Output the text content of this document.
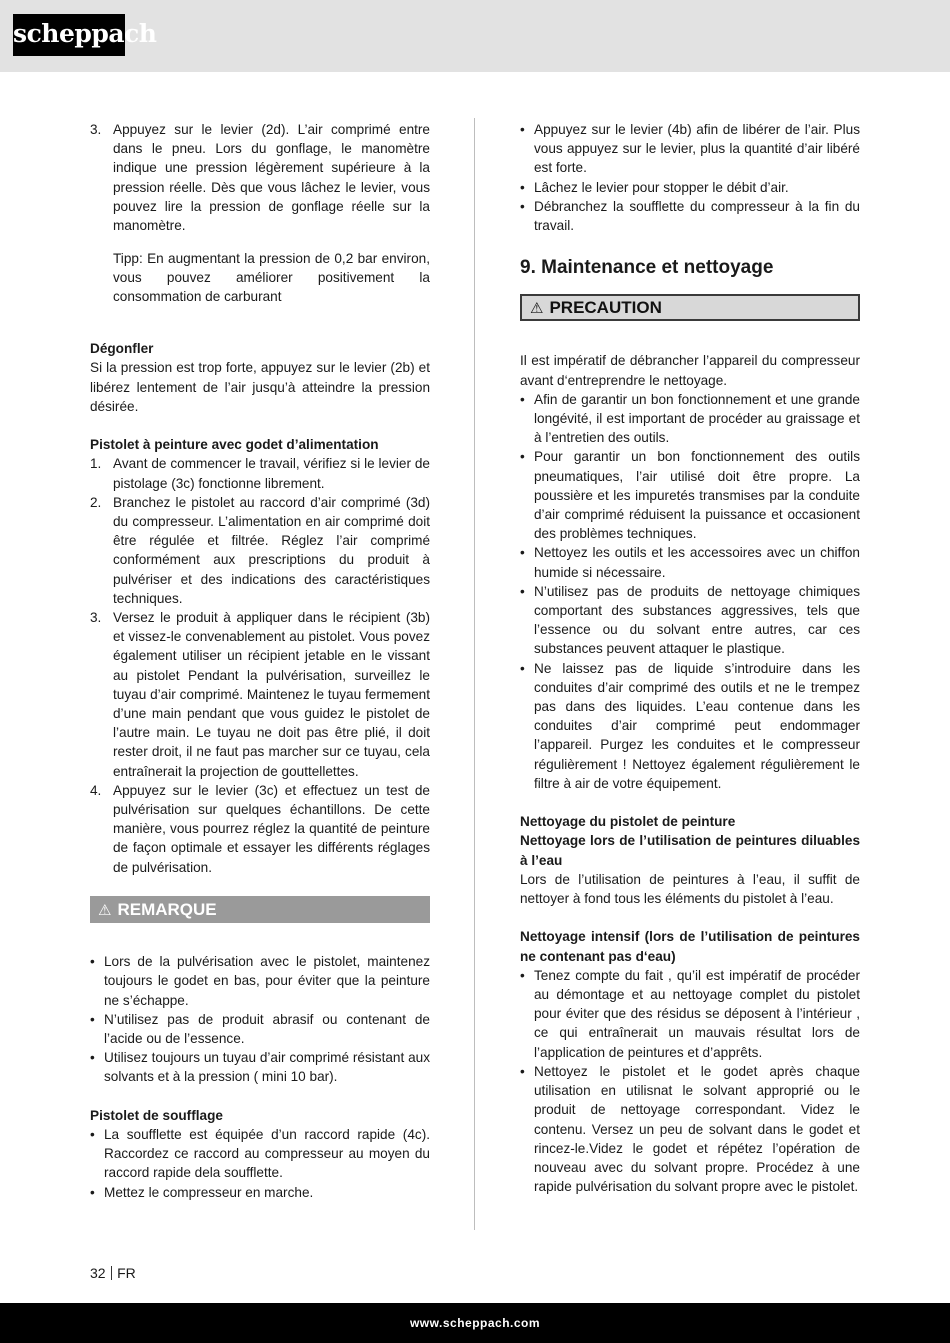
scheppach
3. Appuyez sur le levier (2d). L’air comprimé entre dans le pneu. Lors du gonflage, le manomètre indique une pression légèrement supérieure à la pression réelle. Dès que vous lâchez le levier, vous pouvez lire la pression de gonflage réelle sur la manomètre.

Tipp: En augmentant la pression de 0,2 bar environ, vous pouvez améliorer positivement la consommation de carburant

Dégonfler

Si la pression est trop forte, appuyez sur le levier (2b) et libérez lentement de l’air jusqu’à atteindre la pression désirée.

Pistolet à peinture avec godet d’alimentation

1. Avant de commencer le travail, vérifiez si le levier de pistolage (3c) fonctionne librement.
2. Branchez le pistolet au raccord d’air comprimé (3d) du compresseur. L’alimentation en air comprimé doit être régulée et filtrée. Réglez l’air comprimé conformément aux prescriptions du produit à pulvériser et des indications des caractéristiques techniques.
3. Versez le produit à appliquer dans le récipient (3b) et vissez-le convenablement au pistolet. Vous povez également utiliser un récipient jetable en le vissant au pistolet Pendant la pulvérisation, surveillez le tuyau d’air comprimé. Maintenez le tuyau fermement d’une main pendant que vous guidez le pistolet de l’autre main. Le tuyau ne doit pas être plié, il doit rester droit, il ne faut pas marcher sur ce tuyau, cela entraînerait la projection de gouttellettes.
4. Appuyez sur le levier (3c) et effectuez un test de pulvérisation sur quelques échantillons. De cette manière, vous pourrez réglez la quantité de peinture de façon optimale et essayer les différents réglages de pulvérisation.
⚠ REMARQUE
• Lors de la pulvérisation avec le pistolet, maintenez toujours le godet en bas, pour éviter que la peinture ne s’échappe.
• N’utilisez pas de produit abrasif ou contenant de l’acide ou de l’essence.
• Utilisez toujours un tuyau d’air comprimé résistant aux solvants et à la pression ( mini 10 bar).

Pistolet de soufflage

• La soufflette est équipée d’un raccord rapide (4c). Raccordez ce raccord au compresseur au moyen du raccord rapide dela soufflette.
• Mettez le compresseur en marche.
• Appuyez sur le levier (4b) afin de libérer de l’air. Plus vous appuyez sur le levier, plus la quantité d’air libéré est forte.
• Lâchez le levier pour stopper le débit d’air.
• Débranchez la soufflette du compresseur à la fin du travail.

9. Maintenance et nettoyage

⚠ PRECAUTION

Il est impératif de débrancher l’appareil du compresseur avant d‘entreprendre le nettoyage.

• Afin de garantir un bon fonctionnement et une grande longévité, il est important de procéder au graissage et à l’entretien des outils.
• Pour garantir un bon fonctionnement des outils pneumatiques, l’air utilisé doit être propre. La poussière et les impuretés transmises par la conduite d’air comprimé réduisent la puissance et occasionent des problèmes techniques.
• Nettoyez les outils et les accessoires avec un chiffon humide si nécessaire.
• N’utilisez pas de produits de nettoyage chimiques comportant des substances aggressives, tels que l’essence ou du solvant entre autres, car ces substances peuvent attaquer le plastique.
• Ne laissez pas de liquide s’introduire dans les conduites d’air comprimé des outils et ne le trempez pas dans des liquides. L’eau contenue dans les conduites d’air comprimé peut endommager l’appareil. Purgez les conduites et le compresseur régulièrement ! Nettoyez également régulièrement le filtre à air de votre équipement.

Nettoyage du pistolet de peinture

Nettoyage lors de l’utilisation de peintures diluables à l’eau

Lors de l’utilisation de peintures à l’eau, il suffit de nettoyer à fond tous les éléments du pistolet à l’eau.

Nettoyage intensif (lors de l’utilisation de peintures ne contenant pas d‘eau)

• Tenez compte du fait , qu’il est impératif de procéder au démontage et au nettoyage complet du pistolet pour éviter que des résidus se déposent à l’intérieur , ce qui entraînerait un mauvais résultat lors de l’application de peintures et d’apprêts.
• Nettoyez le pistolet et le godet après chaque utilisation en utilisnat le solvant approprié ou le produit de nettoyage correspondant. Videz le contenu. Versez un peu de solvant dans le godet et rincez-le.Videz le godet et répétez l’opération de nouveau avec du solvant propre. Procédez à une rapide pulvérisation du solvant propre avec le pistolet.
32 FR
www.scheppach.com
